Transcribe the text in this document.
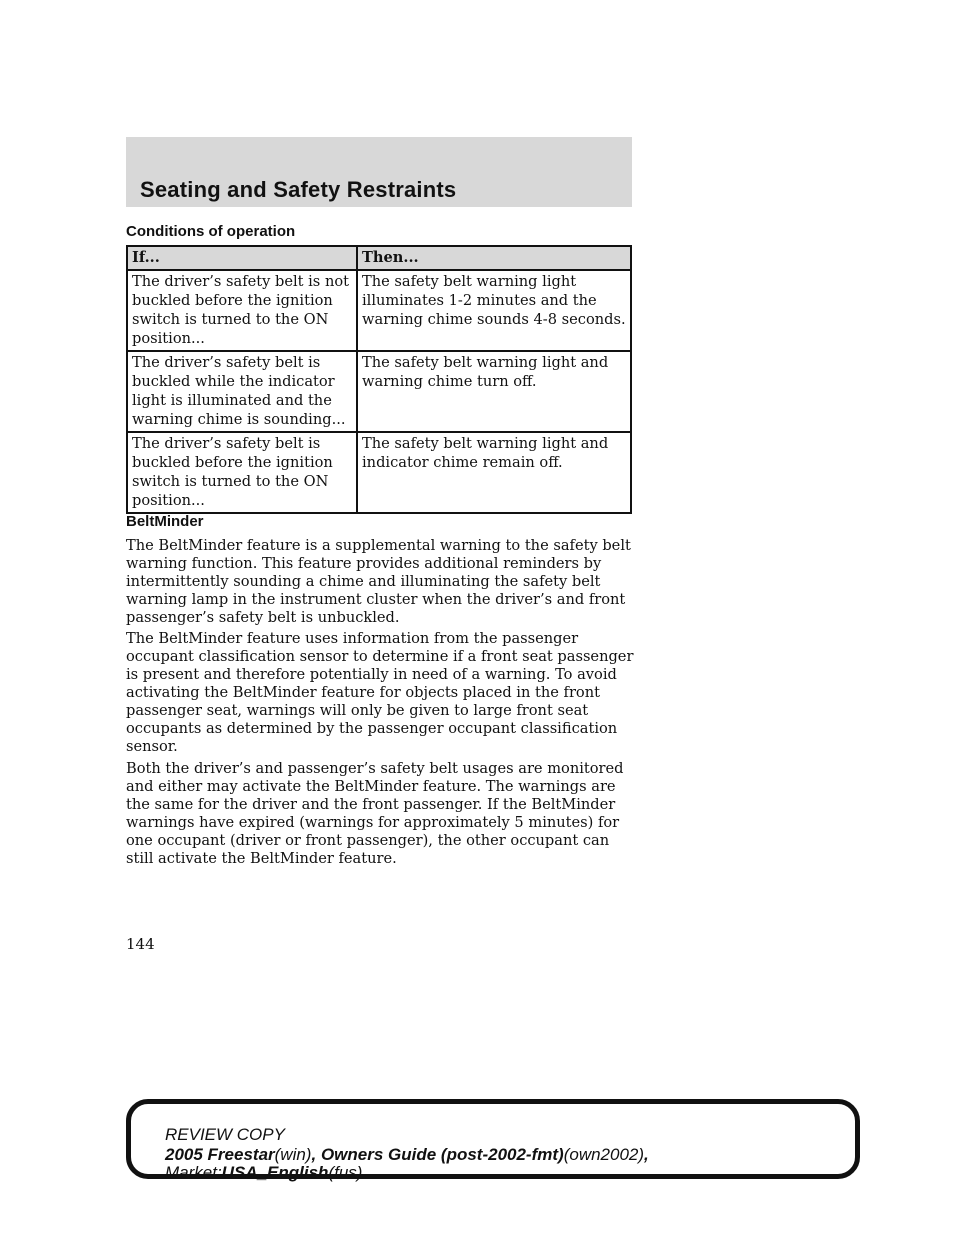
Seating and Safety Restraints
Conditions of operation
If...	Then...
The driver’s safety belt is not buckled before the ignition switch is turned to the ON position...	The safety belt warning light illuminates 1-2 minutes and the warning chime sounds 4-8 seconds.
The driver’s safety belt is buckled while the indicator light is illuminated and the warning chime is sounding...	The safety belt warning light and warning chime turn off.
The driver’s safety belt is buckled before the ignition switch is turned to the ON position...	The safety belt warning light and indicator chime remain off.
BeltMinder

The BeltMinder feature is a supplemental warning to the safety belt warning function. This feature provides additional reminders by intermittently sounding a chime and illuminating the safety belt warning lamp in the instrument cluster when the driver’s and front passenger’s safety belt is unbuckled.

The BeltMinder feature uses information from the passenger occupant classification sensor to determine if a front seat passenger is present and therefore potentially in need of a warning. To avoid activating the BeltMinder feature for objects placed in the front passenger seat, warnings will only be given to large front seat occupants as determined by the passenger occupant classification sensor.

Both the driver’s and passenger’s safety belt usages are monitored and either may activate the BeltMinder feature. The warnings are the same for the driver and the front passenger. If the BeltMinder warnings have expired (warnings for approximately 5 minutes) for one occupant (driver or front passenger), the other occupant can still activate the BeltMinder feature.

144
REVIEW COPY
2005 Freestar(win), Owners Guide (post-2002-fmt)(own2002),
Market:USA_English(fus)
